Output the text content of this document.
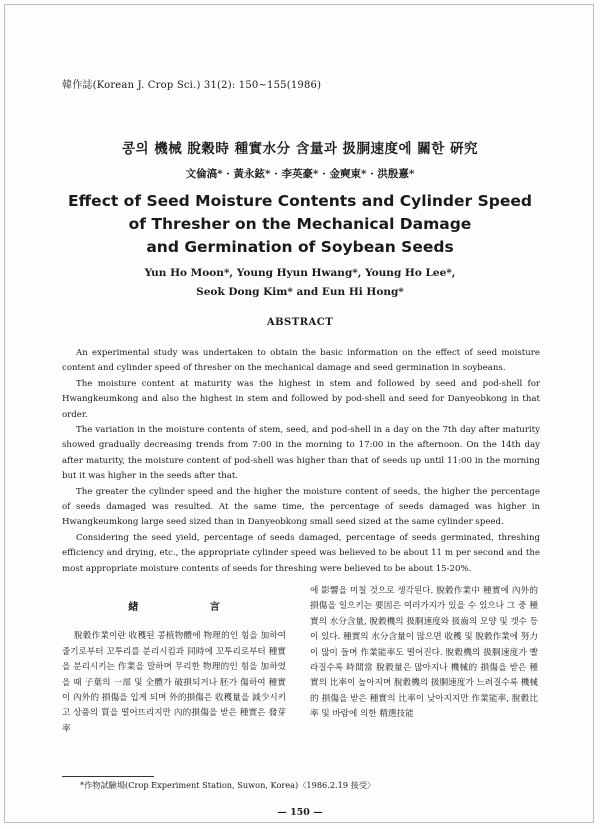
韓作誌(Korean J. Crop Sci.) 31(2): 150~155(1986)
콩의 機械 脫穀時 種實水分 含量과 扱胴速度에 關한 硏究
文倫滈* · 黃永鉉* · 李英豪* · 金奭東* · 洪殷憙*
Effect of Seed Moisture Contents and Cylinder Speed
of Thresher on the Mechanical Damage
and Germination of Soybean Seeds
Yun Ho Moon*, Young Hyun Hwang*, Young Ho Lee*,
Seok Dong Kim* and Eun Hi Hong*
ABSTRACT

An experimental study was undertaken to obtain the basic information on the effect of seed moisture content and cylinder speed of thresher on the mechanical damage and seed germination in soybeans.

The moisture content at maturity was the highest in stem and followed by seed and pod-shell for Hwangkeumkong and also the highest in stem and followed by pod-shell and seed for Danyeobkong in that order.

The variation in the moisture contents of stem, seed, and pod-shell in a day on the 7th day after maturity showed gradually decreasing trends from 7:00 in the morning to 17:00 in the afternoon. On the 14th day after maturity, the moisture content of pod-shell was higher than that of seeds up until 11:00 in the morning but it was higher in the seeds after that.

The greater the cylinder speed and the higher the moisture content of seeds, the higher the percentage of seeds damaged was resulted. At the same time, the percentage of seeds damaged was higher in Hwangkeumkong large seed sized than in Danyeobkong small seed sized at the same cylinder speed.

Considering the seed yield, percentage of seeds damaged, percentage of seeds germinated, threshing efficiency and drying, etc., the appropriate cylinder speed was believed to be about 11 m per second and the most appropriate moisture contents of seeds for threshing were believed to be about 15-20%.

緖 言

脫穀作業이란 收穫된 콩植物體에 物理的인 힘을 加하여 줄기로부터 꼬투리를 분리시킴과 同時에 꼬투리로부터 種實을 분리시키는 作業을 말하며 무리한 物理的인 힘을 加하였을 때 子葉의 一部 및 全體가 破損되거나 胚가 傷하여 種實이 內外的 損傷을 입게 되며 外的損傷은 收穫量을 減少시키고 상품의 質을 떨어뜨리지만 內的損傷을 받은 種實은 發芽率

에 影響을 미칠 것으로 생각된다. 脫穀作業中 種實에 內外的 損傷을 일으키는 要因은 여러가지가 있을 수 있으나 그 중 種實의 水分含量, 脫穀機의 扱胴速度와 扱齒의 모양 및 갯수 등이 있다. 種實의 水分含量이 많으면 收穫 및 脫穀作業에 努力이 많이 들며 作業能率도 떨어진다. 脫穀機의 扱胴速度가 빨라질수록 時間當 脫穀量은 많아지나 機械的 損傷을 받은 種實의 比率이 높아지며 脫穀機의 扱胴速度가 느려질수록 機械的 損傷을 받은 種實의 比率이 낮아지지만 作業能率, 脫穀比率 및 바람에 의한 精選技能

*作物試驗場(Crop Experiment Station, Suwon, Korea)〈1986.2.19 接受〉
— 150 —
